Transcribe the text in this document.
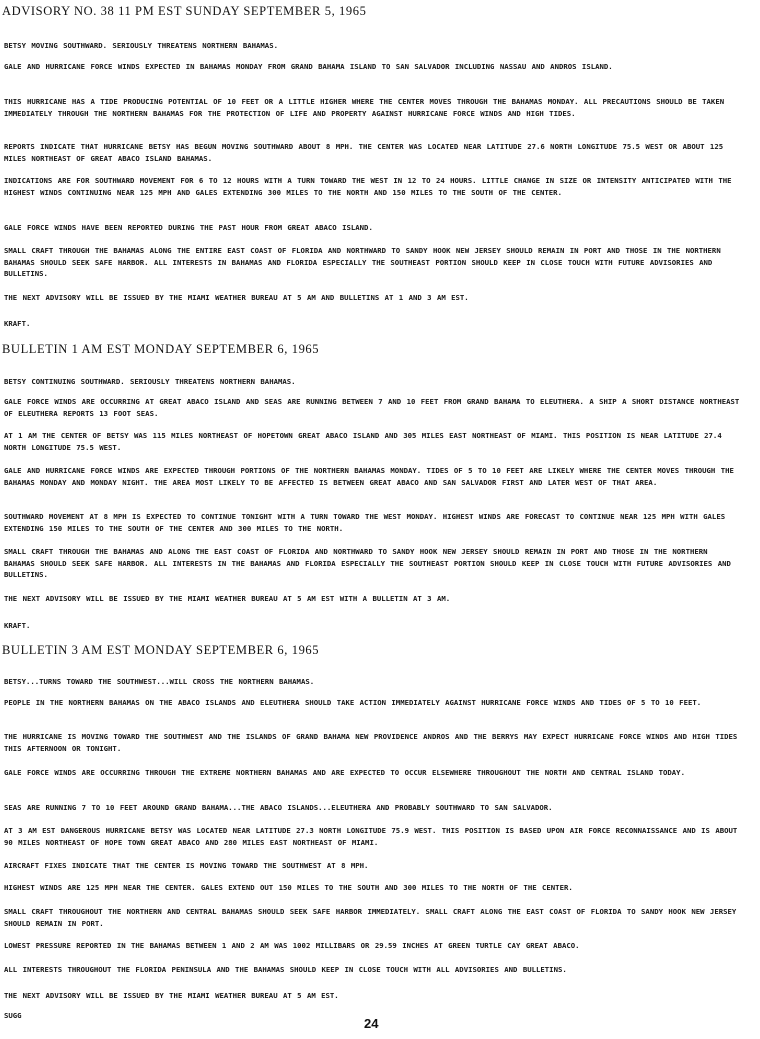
ADVISORY NO. 38 11 PM EST SUNDAY SEPTEMBER 5, 1965
BETSY MOVING SOUTHWARD. SERIOUSLY THREATENS NORTHERN BAHAMAS.
GALE AND HURRICANE FORCE WINDS EXPECTED IN BAHAMAS MONDAY FROM GRAND BAHAMA ISLAND TO SAN SALVADOR INCLUDING NASSAU AND ANDROS ISLAND.
THIS HURRICANE HAS A TIDE PRODUCING POTENTIAL OF 10 FEET OR A LITTLE HIGHER WHERE THE CENTER MOVES THROUGH THE BAHAMAS MONDAY. ALL PRECAUTIONS SHOULD BE TAKEN IMMEDIATELY THROUGH THE NORTHERN BAHAMAS FOR THE PROTECTION OF LIFE AND PROPERTY AGAINST HURRICANE FORCE WINDS AND HIGH TIDES.
REPORTS INDICATE THAT HURRICANE BETSY HAS BEGUN MOVING SOUTHWARD ABOUT 8 MPH. THE CENTER WAS LOCATED NEAR LATITUDE 27.6 NORTH LONGITUDE 75.5 WEST OR ABOUT 125 MILES NORTHEAST OF GREAT ABACO ISLAND BAHAMAS.
INDICATIONS ARE FOR SOUTHWARD MOVEMENT FOR 6 TO 12 HOURS WITH A TURN TOWARD THE WEST IN 12 TO 24 HOURS. LITTLE CHANGE IN SIZE OR INTENSITY ANTICIPATED WITH THE HIGHEST WINDS CONTINUING NEAR 125 MPH AND GALES EXTENDING 300 MILES TO THE NORTH AND 150 MILES TO THE SOUTH OF THE CENTER.
GALE FORCE WINDS HAVE BEEN REPORTED DURING THE PAST HOUR FROM GREAT ABACO ISLAND.
SMALL CRAFT THROUGH THE BAHAMAS ALONG THE ENTIRE EAST COAST OF FLORIDA AND NORTHWARD TO SANDY HOOK NEW JERSEY SHOULD REMAIN IN PORT AND THOSE IN THE NORTHERN BAHAMAS SHOULD SEEK SAFE HARBOR. ALL INTERESTS IN BAHAMAS AND FLORIDA ESPECIALLY THE SOUTHEAST PORTION SHOULD KEEP IN CLOSE TOUCH WITH FUTURE ADVISORIES AND BULLETINS.
THE NEXT ADVISORY WILL BE ISSUED BY THE MIAMI WEATHER BUREAU AT 5 AM AND BULLETINS AT 1 AND 3 AM EST.
KRAFT.
BULLETIN 1 AM EST MONDAY SEPTEMBER 6, 1965
BETSY CONTINUING SOUTHWARD. SERIOUSLY THREATENS NORTHERN BAHAMAS.
GALE FORCE WINDS ARE OCCURRING AT GREAT ABACO ISLAND AND SEAS ARE RUNNING BETWEEN 7 AND 10 FEET FROM GRAND BAHAMA TO ELEUTHERA. A SHIP A SHORT DISTANCE NORTHEAST OF ELEUTHERA REPORTS 13 FOOT SEAS.
AT 1 AM THE CENTER OF BETSY WAS 115 MILES NORTHEAST OF HOPETOWN GREAT ABACO ISLAND AND 305 MILES EAST NORTHEAST OF MIAMI. THIS POSITION IS NEAR LATITUDE 27.4 NORTH LONGITUDE 75.5 WEST.
GALE AND HURRICANE FORCE WINDS ARE EXPECTED THROUGH PORTIONS OF THE NORTHERN BAHAMAS MONDAY. TIDES OF 5 TO 10 FEET ARE LIKELY WHERE THE CENTER MOVES THROUGH THE BAHAMAS MONDAY AND MONDAY NIGHT. THE AREA MOST LIKELY TO BE AFFECTED IS BETWEEN GREAT ABACO AND SAN SALVADOR FIRST AND LATER WEST OF THAT AREA.
SOUTHWARD MOVEMENT AT 8 MPH IS EXPECTED TO CONTINUE TONIGHT WITH A TURN TOWARD THE WEST MONDAY. HIGHEST WINDS ARE FORECAST TO CONTINUE NEAR 125 MPH WITH GALES EXTENDING 150 MILES TO THE SOUTH OF THE CENTER AND 300 MILES TO THE NORTH.
SMALL CRAFT THROUGH THE BAHAMAS AND ALONG THE EAST COAST OF FLORIDA AND NORTHWARD TO SANDY HOOK NEW JERSEY SHOULD REMAIN IN PORT AND THOSE IN THE NORTHERN BAHAMAS SHOULD SEEK SAFE HARBOR. ALL INTERESTS IN THE BAHAMAS AND FLORIDA ESPECIALLY THE SOUTHEAST PORTION SHOULD KEEP IN CLOSE TOUCH WITH FUTURE ADVISORIES AND BULLETINS.
THE NEXT ADVISORY WILL BE ISSUED BY THE MIAMI WEATHER BUREAU AT 5 AM EST WITH A BULLETIN AT 3 AM.
KRAFT.
BULLETIN 3 AM EST MONDAY SEPTEMBER 6, 1965
BETSY...TURNS TOWARD THE SOUTHWEST...WILL CROSS THE NORTHERN BAHAMAS.
PEOPLE IN THE NORTHERN BAHAMAS ON THE ABACO ISLANDS AND ELEUTHERA SHOULD TAKE ACTION IMMEDIATELY AGAINST HURRICANE FORCE WINDS AND TIDES OF 5 TO 10 FEET.
THE HURRICANE IS MOVING TOWARD THE SOUTHWEST AND THE ISLANDS OF GRAND BAHAMA NEW PROVIDENCE ANDROS AND THE BERRYS MAY EXPECT HURRICANE FORCE WINDS AND HIGH TIDES THIS AFTERNOON OR TONIGHT.
GALE FORCE WINDS ARE OCCURRING THROUGH THE EXTREME NORTHERN BAHAMAS AND ARE EXPECTED TO OCCUR ELSEWHERE THROUGHOUT THE NORTH AND CENTRAL ISLAND TODAY.
SEAS ARE RUNNING 7 TO 10 FEET AROUND GRAND BAHAMA...THE ABACO ISLANDS...ELEUTHERA AND PROBABLY SOUTHWARD TO SAN SALVADOR.
AT 3 AM EST DANGEROUS HURRICANE BETSY WAS LOCATED NEAR LATITUDE 27.3 NORTH LONGITUDE 75.9 WEST. THIS POSITION IS BASED UPON AIR FORCE RECONNAISSANCE AND IS ABOUT 90 MILES NORTHEAST OF HOPE TOWN GREAT ABACO AND 280 MILES EAST NORTHEAST OF MIAMI.
AIRCRAFT FIXES INDICATE THAT THE CENTER IS MOVING TOWARD THE SOUTHWEST AT 8 MPH.
HIGHEST WINDS ARE 125 MPH NEAR THE CENTER. GALES EXTEND OUT 150 MILES TO THE SOUTH AND 300 MILES TO THE NORTH OF THE CENTER.
SMALL CRAFT THROUGHOUT THE NORTHERN AND CENTRAL BAHAMAS SHOULD SEEK SAFE HARBOR IMMEDIATELY. SMALL CRAFT ALONG THE EAST COAST OF FLORIDA TO SANDY HOOK NEW JERSEY SHOULD REMAIN IN PORT.
LOWEST PRESSURE REPORTED IN THE BAHAMAS BETWEEN 1 AND 2 AM WAS 1002 MILLIBARS OR 29.59 INCHES AT GREEN TURTLE CAY GREAT ABACO.
ALL INTERESTS THROUGHOUT THE FLORIDA PENINSULA AND THE BAHAMAS SHOULD KEEP IN CLOSE TOUCH WITH ALL ADVISORIES AND BULLETINS.
THE NEXT ADVISORY WILL BE ISSUED BY THE MIAMI WEATHER BUREAU AT 5 AM EST.
SUGG
24
